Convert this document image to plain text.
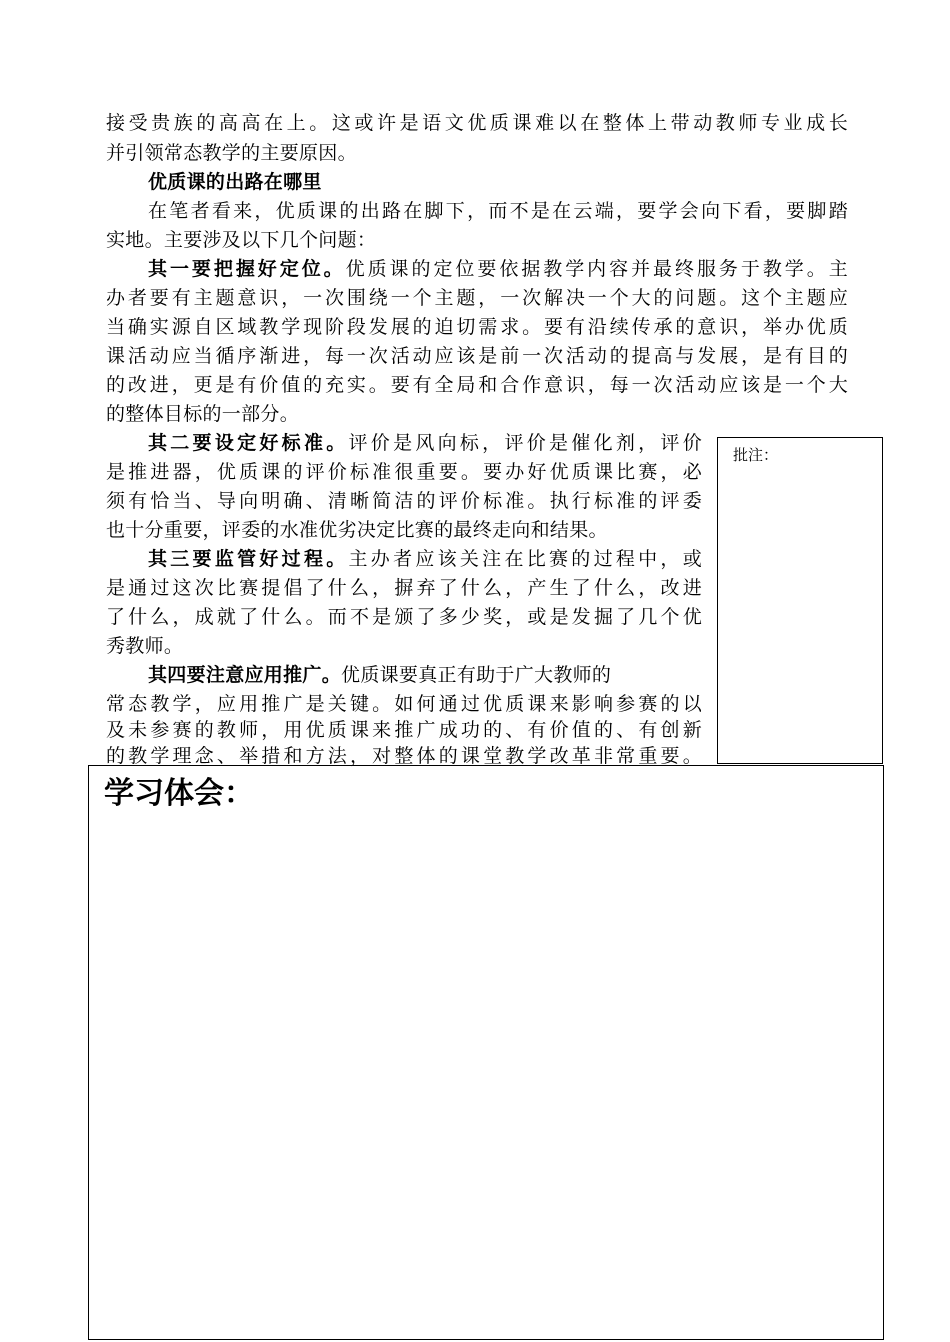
接受贵族的高高在上。这或许是语文优质课难以在整体上带动教师专业成长
并引领常态教学的主要原因。
优质课的出路在哪里
在笔者看来，优质课的出路在脚下，而不是在云端，要学会向下看，要脚踏
实地。主要涉及以下几个问题：
其一要把握好定位。优质课的定位要依据教学内容并最终服务于教学。主
办者要有主题意识，一次围绕一个主题，一次解决一个大的问题。这个主题应
当确实源自区域教学现阶段发展的迫切需求。要有沿续传承的意识，举办优质
课活动应当循序渐进，每一次活动应该是前一次活动的提高与发展，是有目的
的改进，更是有价值的充实。要有全局和合作意识，每一次活动应该是一个大
的整体目标的一部分。
其二要设定好标准。评价是风向标，评价是催化剂，评价
是推进器，优质课的评价标准很重要。要办好优质课比赛，必
须有恰当、导向明确、清晰简洁的评价标准。执行标准的评委
也十分重要，评委的水准优劣决定比赛的最终走向和结果。
其三要监管好过程。主办者应该关注在比赛的过程中，或
是通过这次比赛提倡了什么，摒弃了什么，产生了什么，改进
了什么，成就了什么。而不是颁了多少奖，或是发掘了几个优
秀教师。
其四要注意应用推广。优质课要真正有助于广大教师的
常态教学，应用推广是关键。如何通过优质课来影响参赛的以
及未参赛的教师，用优质课来推广成功的、有价值的、有创新
的教学理念、举措和方法，对整体的课堂教学改革非常重要。
批注：
学习体会：
